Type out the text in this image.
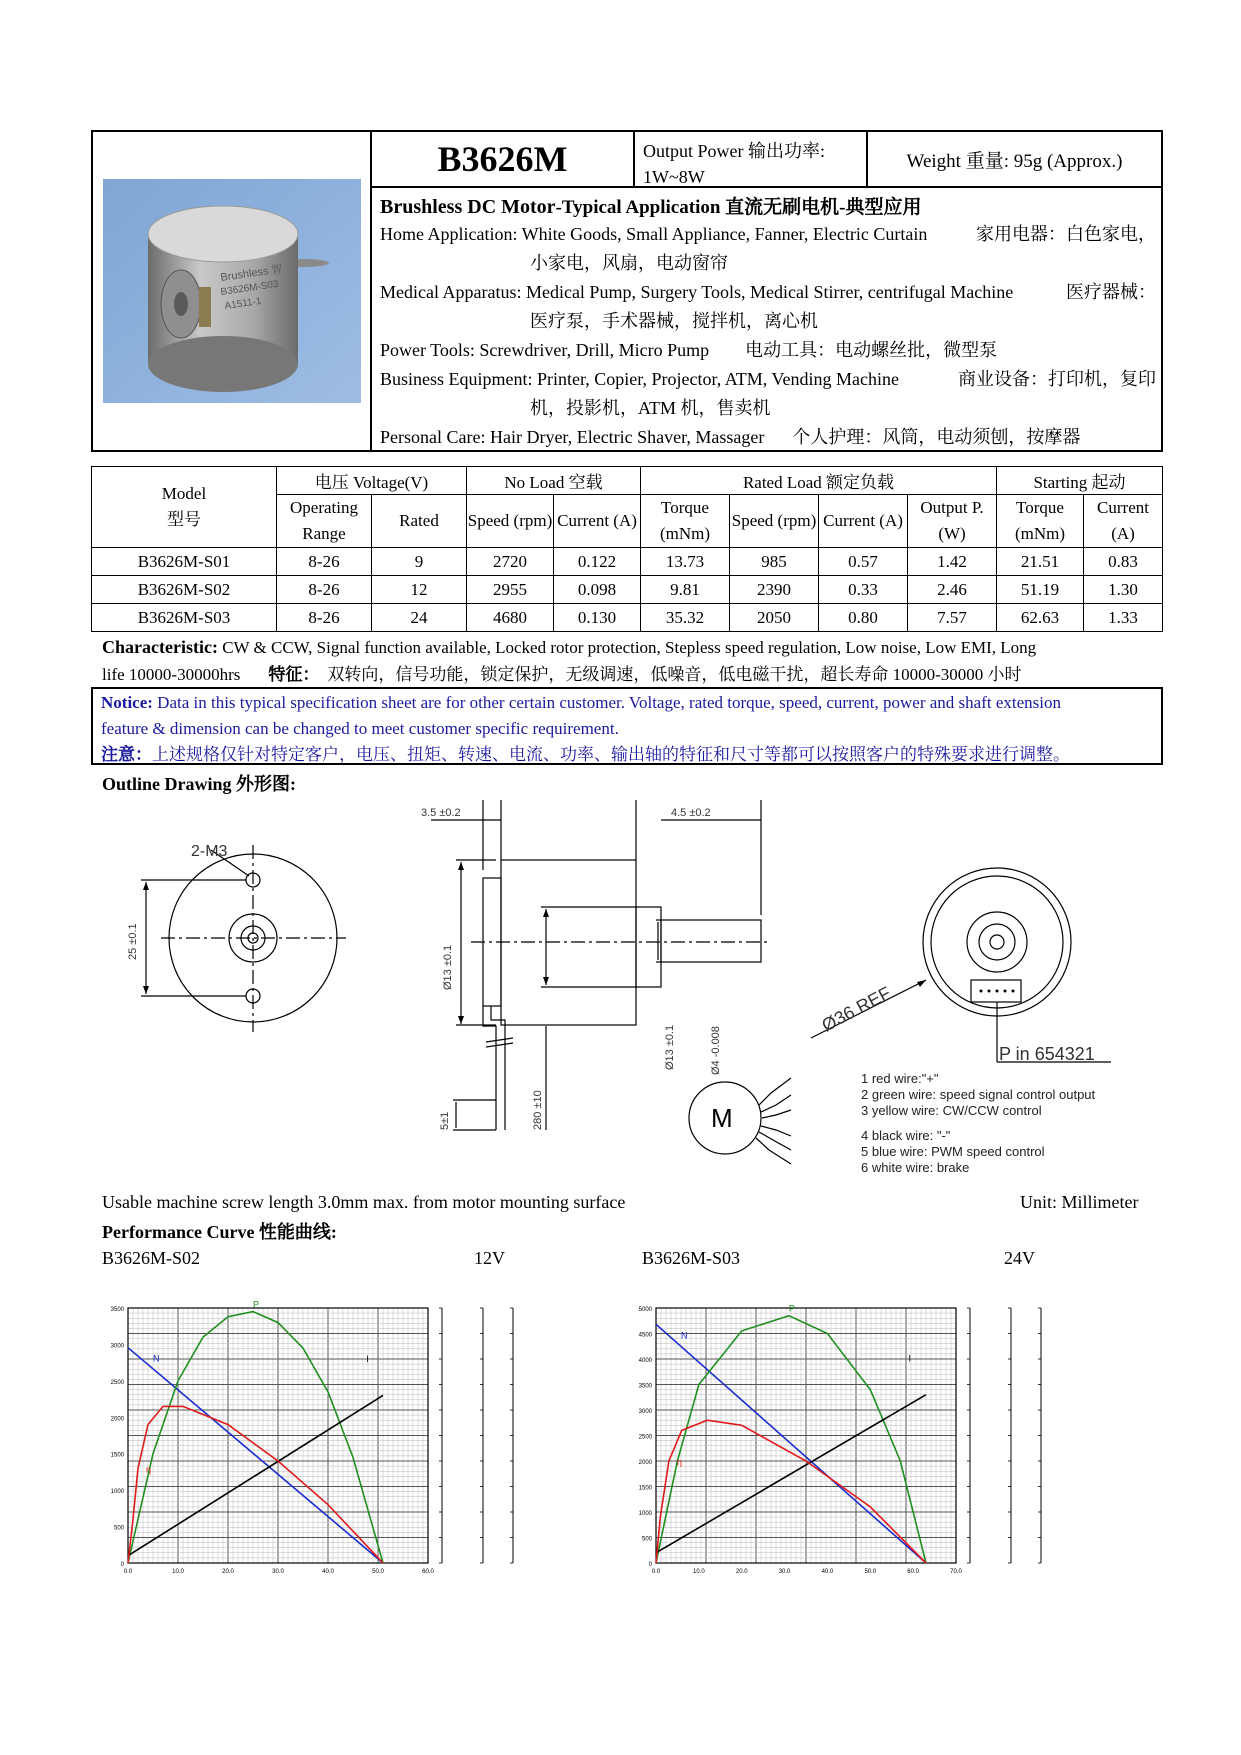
Brushless 智
B3626M-S03
A1511-1
B3626M	Output Power 输出功率: 1W~8W
Weight 重量: 95g (Approx.)
Brushless DC Motor-Typical Application 直流无刷电机-典型应用
Home Application: White Goods, Small Appliance, Fanner, Electric Curtain	家用电器：白色家电，
小家电，风扇，电动窗帘
Medical Apparatus: Medical Pump, Surgery Tools, Medical Stirrer, centrifugal Machine	医疗器械：
医疗泵，手术器械，搅拌机，离心机
Power Tools: Screwdriver, Drill, Micro Pump 电动工具：电动螺丝批，微型泵
Business Equipment: Printer, Copier, Projector, ATM, Vending Machine	商业设备：打印机，复印
机，投影机，ATM 机，售卖机
Personal Care: Hair Dryer, Electric Shaver, Massager 个人护理：风筒，电动须刨，按摩器
Model
型号	电压 Voltage(V)		No Load 空载		Rated Load 额定负载				Starting 起动	
	Operating Range	Rated	Speed (rpm)	Current (A)	Torque (mNm)	Speed (rpm)	Current (A)	Output P. (W)	Torque (mNm)	Current (A)
B3626M-S01	8-26	9	2720	0.122	13.73	985	0.57	1.42	21.51	0.83
B3626M-S02	8-26	12	2955	0.098	9.81	2390	0.33	2.46	51.19	1.30
B3626M-S03	8-26	24	4680	0.130	35.32	2050	0.80	7.57	62.63	1.33
Characteristic: CW & CCW, Signal function available, Locked rotor protection, Stepless speed regulation, Low noise, Low EMI, Long
life 10000-30000hrs 特征： 双转向，信号功能，锁定保护，无级调速，低噪音，低电磁干扰，超长寿命 10000-30000 小时
Notice: Data in this typical specification sheet are for other certain customer. Voltage, rated torque, speed, current, power and shaft extension
feature & dimension can be changed to meet customer specific requirement.
注意：上述规格仅针对特定客户，电压、扭矩、转速、电流、功率、输出轴的特征和尺寸等都可以按照客户的特殊要求进行调整。
Outline Drawing 外形图:
2-M3
25 ±0.1
3.5 ±0.2	4.5 ±0.2
Ø13 ±0.1
Ø13 ±0.1	Ø4 -0.008
5±1	280 ±10
Ø36 REF
P in 654321
M
1 red wire:"+"
2 green wire: speed signal control output
3 yellow wire: CW/CCW control
4 black wire: "-"
5 blue wire: PWM speed control
6 white wire: brake
Usable machine screw length 3.0mm max. from motor mounting surface	Unit: Millimeter
Performance Curve 性能曲线:
B3626M-S02	12V	B3626M-S03	24V
0
500
1000
1500
2000
2500
3000
3500
0.0	10.0	20.0	30.0	40.0	50.0	60.0
N
P
I
η
0
500
1000
1500
2000
2500
3000
3500
4000
4500
5000
0.0	10.0	20.0	30.0	40.0	50.0	60.0	70.0
N
P
I
η
